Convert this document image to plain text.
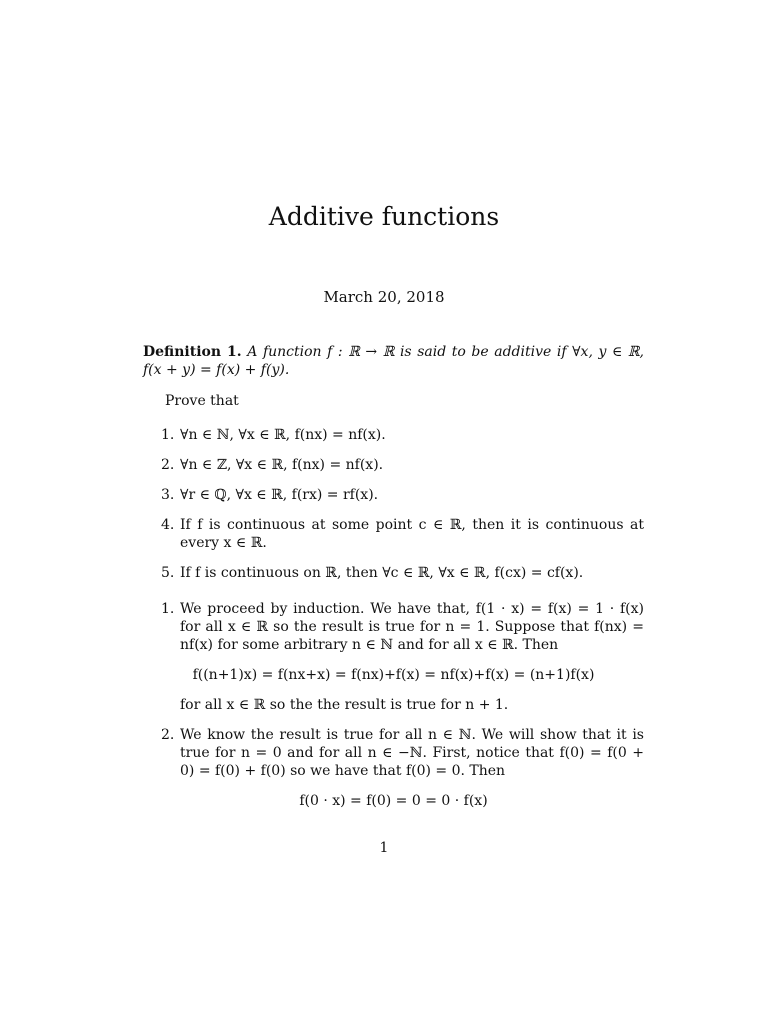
Additive functions
March 20, 2018

Definition 1. A function f : ℝ → ℝ is said to be additive if ∀x, y ∈ ℝ, f(x + y) = f(x) + f(y).

Prove that
1. ∀n ∈ ℕ, ∀x ∈ ℝ, f(nx) = nf(x).
2. ∀n ∈ ℤ, ∀x ∈ ℝ, f(nx) = nf(x).
3. ∀r ∈ ℚ, ∀x ∈ ℝ, f(rx) = rf(x).
4. If f is continuous at some point c ∈ ℝ, then it is continuous at every x ∈ ℝ.
5. If f is continuous on ℝ, then ∀c ∈ ℝ, ∀x ∈ ℝ, f(cx) = cf(x).
1. We proceed by induction. We have that, f(1 · x) = f(x) = 1 · f(x) for all x ∈ ℝ so the result is true for n = 1. Suppose that f(nx) = nf(x) for some arbitrary n ∈ ℕ and for all x ∈ ℝ. Then
f((n+1)x) = f(nx+x) = f(nx)+f(x) = nf(x)+f(x) = (n+1)f(x)
for all x ∈ ℝ so the the result is true for n + 1.
2. We know the result is true for all n ∈ ℕ. We will show that it is true for n = 0 and for all n ∈ −ℕ. First, notice that f(0) = f(0 + 0) = f(0) + f(0) so we have that f(0) = 0. Then
f(0 · x) = f(0) = 0 = 0 · f(x)
1
